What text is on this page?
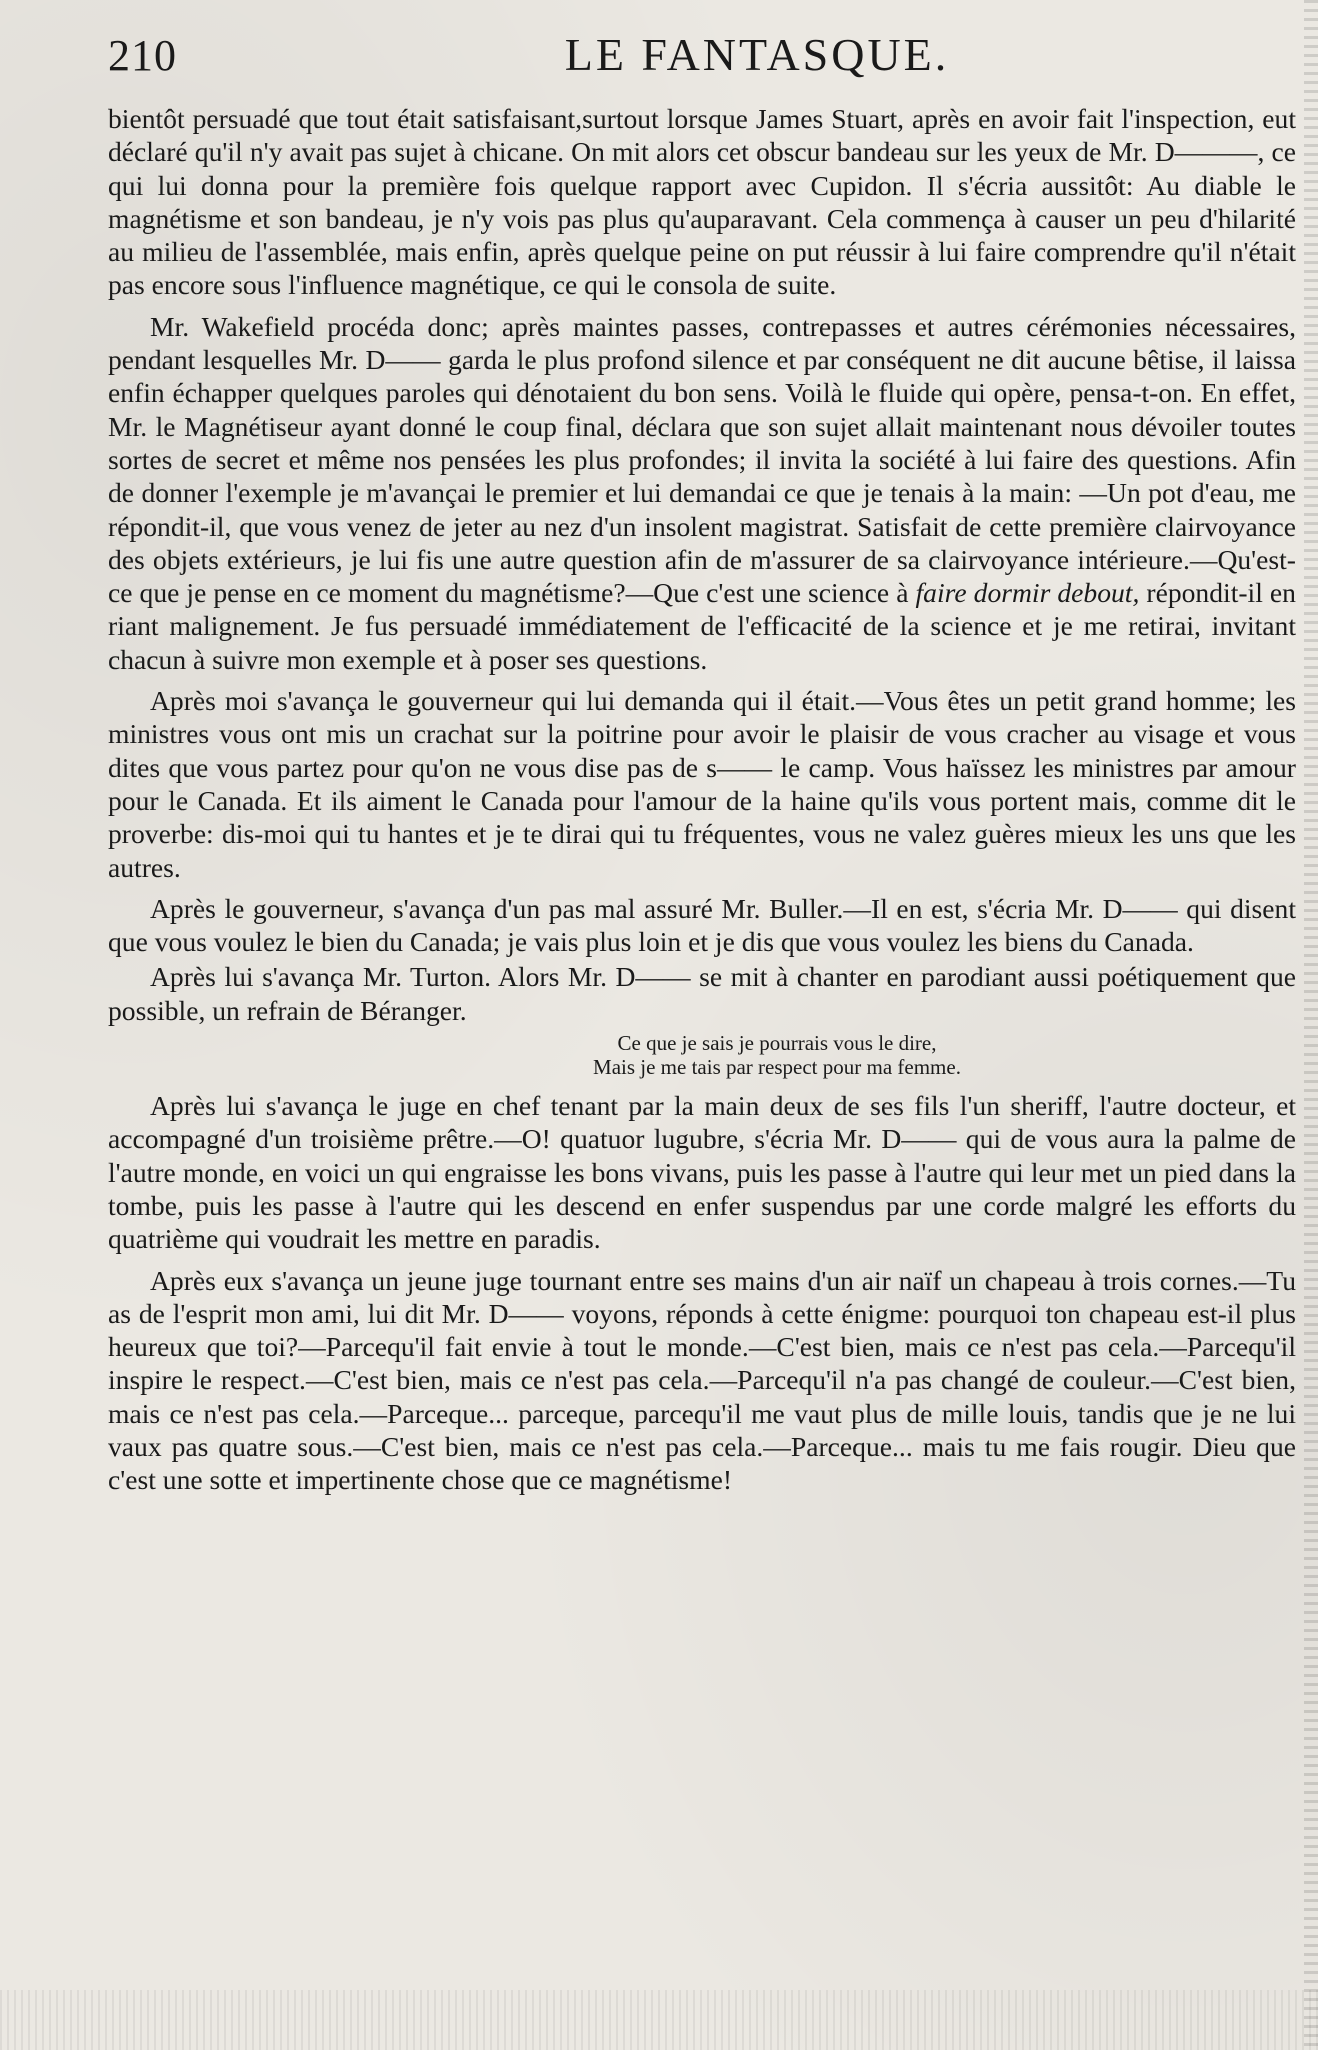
210	LE FANTASQUE.

bientôt persuadé que tout était satisfaisant,surtout lorsque James Stuart, après en avoir fait l'inspection, eut déclaré qu'il n'y avait pas sujet à chicane. On mit alors cet obscur bandeau sur les yeux de Mr. D———, ce qui lui donna pour la première fois quelque rapport avec Cupidon. Il s'écria aussitôt: Au diable le magnétisme et son bandeau, je n'y vois pas plus qu'auparavant. Cela commença à causer un peu d'hilarité au milieu de l'assemblée, mais enfin, après quelque peine on put réussir à lui faire comprendre qu'il n'était pas encore sous l'influence magnétique, ce qui le consola de suite.

Mr. Wakefield procéda donc; après maintes passes, contrepasses et autres cérémonies nécessaires, pendant lesquelles Mr. D—— garda le plus profond silence et par conséquent ne dit aucune bêtise, il laissa enfin échapper quelques paroles qui dénotaient du bon sens. Voilà le fluide qui opère, pensa-t-on. En effet, Mr. le Magnétiseur ayant donné le coup final, déclara que son sujet allait maintenant nous dévoiler toutes sortes de secret et même nos pensées les plus profondes; il invita la société à lui faire des questions. Afin de donner l'exemple je m'avançai le premier et lui demandai ce que je tenais à la main: —Un pot d'eau, me répondit-il, que vous venez de jeter au nez d'un insolent magistrat. Satisfait de cette première clairvoyance des objets extérieurs, je lui fis une autre question afin de m'assurer de sa clairvoyance intérieure.—Qu'est-ce que je pense en ce moment du magnétisme?—Que c'est une science à faire dormir debout, répondit-il en riant malignement. Je fus persuadé immédiatement de l'efficacité de la science et je me retirai, invitant chacun à suivre mon exemple et à poser ses questions.

Après moi s'avança le gouverneur qui lui demanda qui il était.—Vous êtes un petit grand homme; les ministres vous ont mis un crachat sur la poitrine pour avoir le plaisir de vous cracher au visage et vous dites que vous partez pour qu'on ne vous dise pas de s—— le camp. Vous haïssez les ministres par amour pour le Canada. Et ils aiment le Canada pour l'amour de la haine qu'ils vous portent mais, comme dit le proverbe: dis-moi qui tu hantes et je te dirai qui tu fréquentes, vous ne valez guères mieux les uns que les autres.

Après le gouverneur, s'avança d'un pas mal assuré Mr. Buller.—Il en est, s'écria Mr. D—— qui disent que vous voulez le bien du Canada; je vais plus loin et je dis que vous voulez les biens du Canada.

Après lui s'avança Mr. Turton. Alors Mr. D—— se mit à chanter en parodiant aussi poétiquement que possible, un refrain de Béranger.

Ce que je sais je pourrais vous le dire,
Mais je me tais par respect pour ma femme.

Après lui s'avança le juge en chef tenant par la main deux de ses fils l'un sheriff, l'autre docteur, et accompagné d'un troisième prêtre.—O! quatuor lugubre, s'écria Mr. D—— qui de vous aura la palme de l'autre monde, en voici un qui engraisse les bons vivans, puis les passe à l'autre qui leur met un pied dans la tombe, puis les passe à l'autre qui les descend en enfer suspendus par une corde malgré les efforts du quatrième qui voudrait les mettre en paradis.

Après eux s'avança un jeune juge tournant entre ses mains d'un air naïf un chapeau à trois cornes.—Tu as de l'esprit mon ami, lui dit Mr. D—— voyons, réponds à cette énigme: pourquoi ton chapeau est-il plus heureux que toi?—Parcequ'il fait envie à tout le monde.—C'est bien, mais ce n'est pas cela.—Parcequ'il inspire le respect.—C'est bien, mais ce n'est pas cela.—Parcequ'il n'a pas changé de couleur.—C'est bien, mais ce n'est pas cela.—Parceque... parceque, parcequ'il me vaut plus de mille louis, tandis que je ne lui vaux pas quatre sous.—C'est bien, mais ce n'est pas cela.—Parceque... mais tu me fais rougir. Dieu que c'est une sotte et impertinente chose que ce magnétisme!
